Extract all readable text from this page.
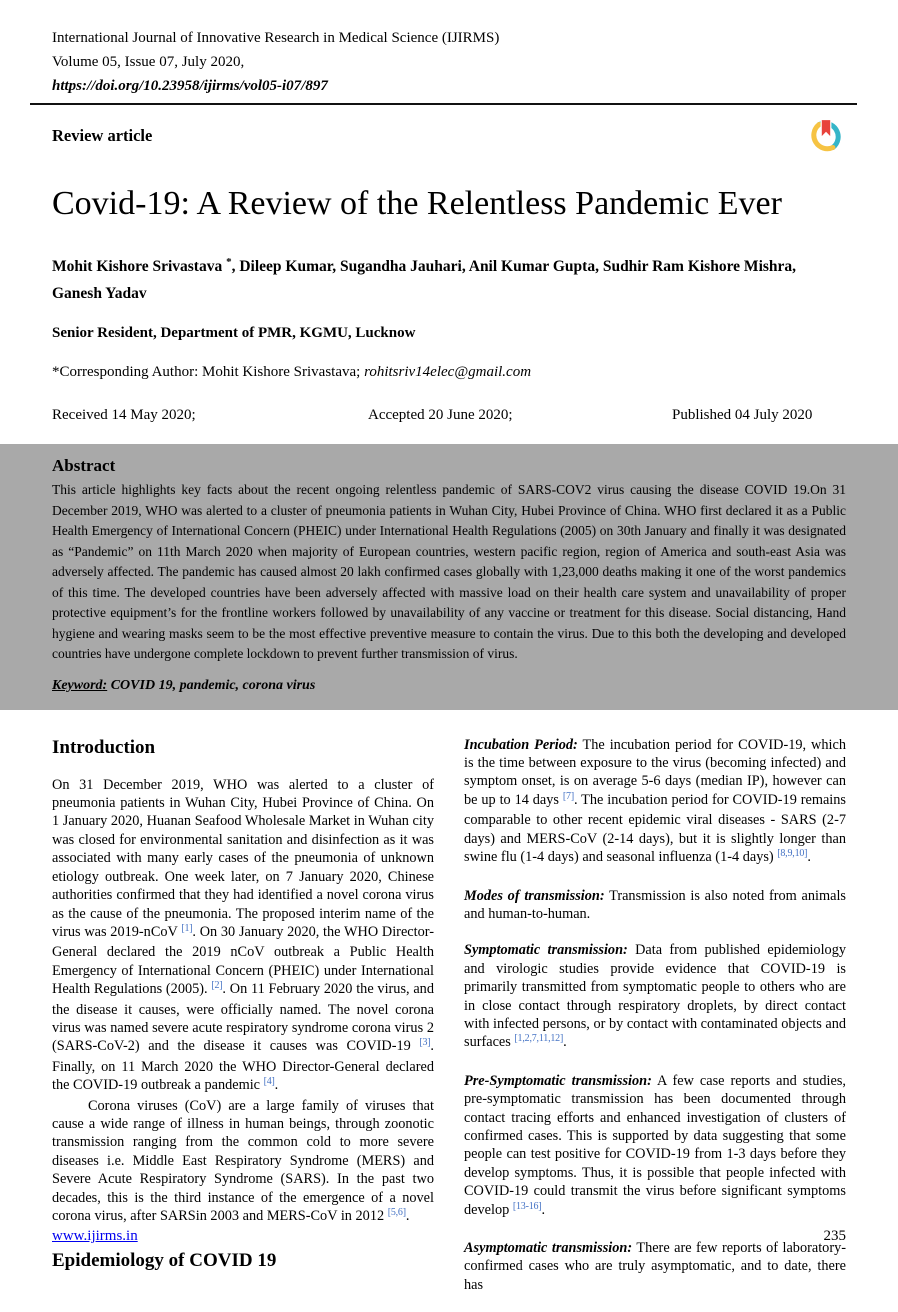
International Journal of Innovative Research in Medical Science (IJIRMS)
Volume 05, Issue 07, July 2020,
https://doi.org/10.23958/ijirms/vol05-i07/897
Review article
Covid-19: A Review of the Relentless Pandemic Ever
Mohit Kishore Srivastava *, Dileep Kumar, Sugandha Jauhari, Anil Kumar Gupta, Sudhir Ram Kishore Mishra, Ganesh Yadav
Senior Resident, Department of PMR, KGMU, Lucknow
*Corresponding Author: Mohit Kishore Srivastava; rohitsriv14elec@gmail.com
Received 14 May 2020;	Accepted 20 June 2020;	Published 04 July 2020
Abstract

This article highlights key facts about the recent ongoing relentless pandemic of SARS-COV2 virus causing the disease COVID 19.On 31 December 2019, WHO was alerted to a cluster of pneumonia patients in Wuhan City, Hubei Province of China. WHO first declared it as a Public Health Emergency of International Concern (PHEIC) under International Health Regulations (2005) on 30th January and finally it was designated as “Pandemic” on 11th March 2020 when majority of European countries, western pacific region, region of America and south-east Asia was adversely affected. The pandemic has caused almost 20 lakh confirmed cases globally with 1,23,000 deaths making it one of the worst pandemics of this time. The developed countries have been adversely affected with massive load on their health care system and unavailability of proper protective equipment’s for the frontline workers followed by unavailability of any vaccine or treatment for this disease. Social distancing, Hand hygiene and wearing masks seem to be the most effective preventive measure to contain the virus. Due to this both the developing and developed countries have undergone complete lockdown to prevent further transmission of virus.

Keyword: COVID 19, pandemic, corona virus

Introduction

On 31 December 2019, WHO was alerted to a cluster of pneumonia patients in Wuhan City, Hubei Province of China. On 1 January 2020, Huanan Seafood Wholesale Market in Wuhan city was closed for environmental sanitation and disinfection as it was associated with many early cases of the pneumonia of unknown etiology outbreak. One week later, on 7 January 2020, Chinese authorities confirmed that they had identified a novel corona virus as the cause of the pneumonia. The proposed interim name of the virus was 2019-nCoV [1]. On 30 January 2020, the WHO Director-General declared the 2019 nCoV outbreak a Public Health Emergency of International Concern (PHEIC) under International Health Regulations (2005). [2]. On 11 February 2020 the virus, and the disease it causes, were officially named. The novel corona virus was named severe acute respiratory syndrome corona virus 2 (SARS-CoV-2) and the disease it causes was COVID-19 [3]. Finally, on 11 March 2020 the WHO Director-General declared the COVID-19 outbreak a pandemic [4].

Corona viruses (CoV) are a large family of viruses that cause a wide range of illness in human beings, through zoonotic transmission ranging from the common cold to more severe diseases i.e. Middle East Respiratory Syndrome (MERS) and Severe Acute Respiratory Syndrome (SARS). In the past two decades, this is the third instance of the emergence of a novel corona virus, after SARSin 2003 and MERS-CoV in 2012 [5,6].

Epidemiology of COVID 19

Incubation Period: The incubation period for COVID-19, which is the time between exposure to the virus (becoming infected) and symptom onset, is on average 5-6 days (median IP), however can be up to 14 days [7]. The incubation period for COVID-19 remains comparable to other recent epidemic viral diseases - SARS (2-7 days) and MERS-CoV (2-14 days), but it is slightly longer than swine flu (1-4 days) and seasonal influenza (1-4 days) [8,9,10].

Modes of transmission: Transmission is also noted from animals and human-to-human.

Symptomatic transmission: Data from published epidemiology and virologic studies provide evidence that COVID-19 is primarily transmitted from symptomatic people to others who are in close contact through respiratory droplets, by direct contact with infected persons, or by contact with contaminated objects and surfaces [1,2,7,11,12].

Pre-Symptomatic transmission: A few case reports and studies, pre-symptomatic transmission has been documented through contact tracing efforts and enhanced investigation of clusters of confirmed cases. This is supported by data suggesting that some people can test positive for COVID-19 from 1-3 days before they develop symptoms. Thus, it is possible that people infected with COVID-19 could transmit the virus before significant symptoms develop [13-16].

Asymptomatic transmission: There are few reports of laboratory-confirmed cases who are truly asymptomatic, and to date, there has

www.ijirms.in	235
